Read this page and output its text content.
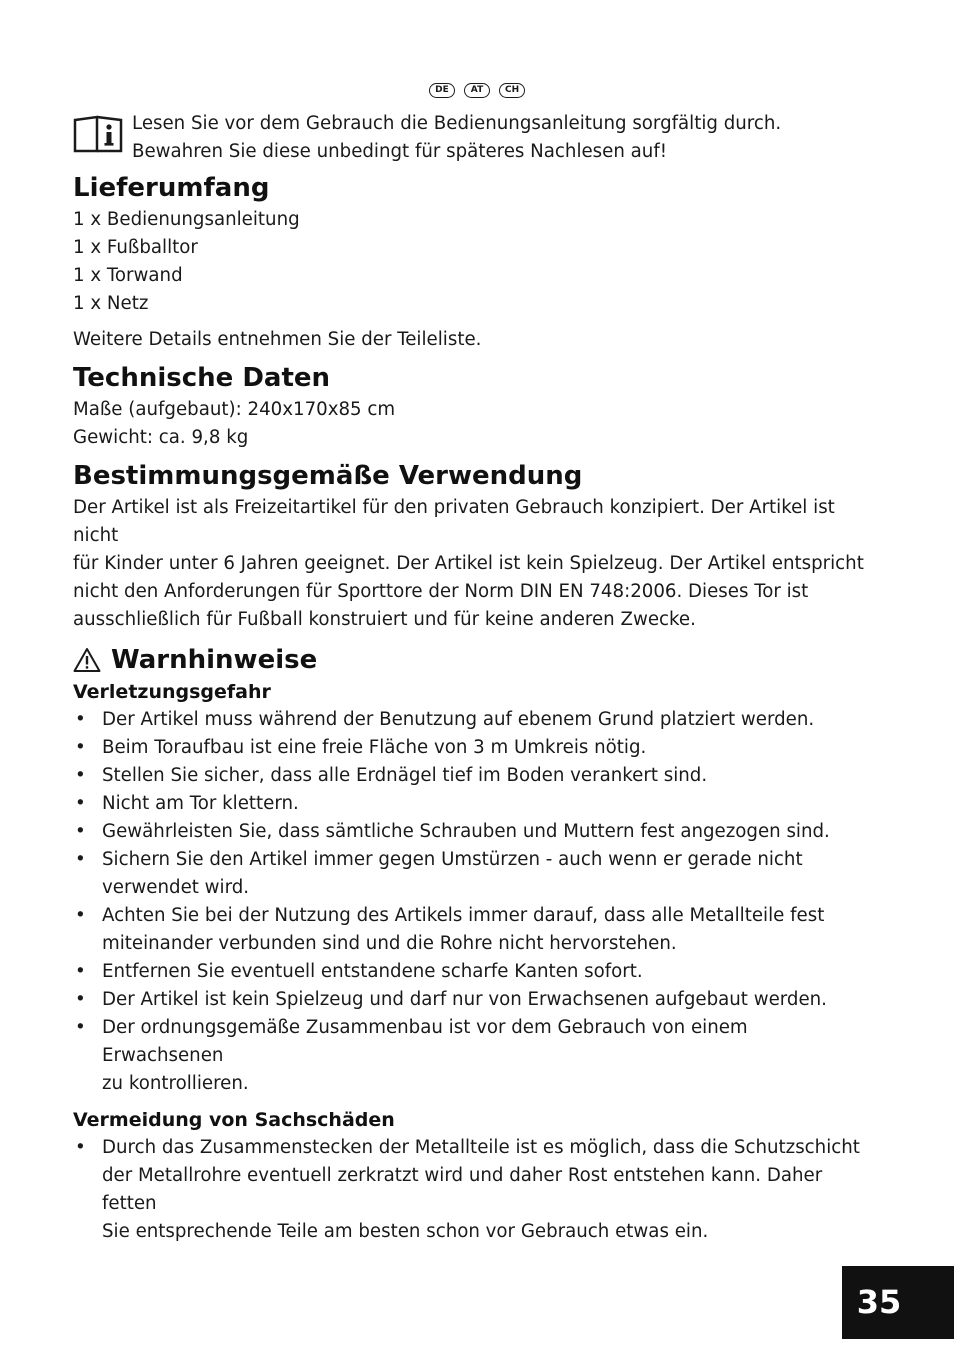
DE AT CH
Lesen Sie vor dem Gebrauch die Bedienungsanleitung sorgfältig durch.
Bewahren Sie diese unbedingt für späteres Nachlesen auf!
Lieferumfang
1 x Bedienungsanleitung
1 x Fußballtor
1 x Torwand
1 x Netz

Weitere Details entnehmen Sie der Teileliste.

Technische Daten
Maße (aufgebaut): 240x170x85 cm
Gewicht: ca. 9,8 kg
Bestimmungsgemäße Verwendung
Der Artikel ist als Freizeitartikel für den privaten Gebrauch konzipiert. Der Artikel ist nicht
für Kinder unter 6 Jahren geeignet. Der Artikel ist kein Spielzeug. Der Artikel entspricht
nicht den Anforderungen für Sporttore der Norm DIN EN 748:2006. Dieses Tor ist
ausschließlich für Fußball konstruiert und für keine anderen Zwecke.
Warnhinweise
Verletzungsgefahr
• Der Artikel muss während der Benutzung auf ebenem Grund platziert werden.
• Beim Toraufbau ist eine freie Fläche von 3 m Umkreis nötig.
• Stellen Sie sicher, dass alle Erdnägel tief im Boden verankert sind.
• Nicht am Tor klettern.
• Gewährleisten Sie, dass sämtliche Schrauben und Muttern fest angezogen sind.
• Sichern Sie den Artikel immer gegen Umstürzen - auch wenn er gerade nicht
verwendet wird.
• Achten Sie bei der Nutzung des Artikels immer darauf, dass alle Metallteile fest
miteinander verbunden sind und die Rohre nicht hervorstehen.
• Entfernen Sie eventuell entstandene scharfe Kanten sofort.
• Der Artikel ist kein Spielzeug und darf nur von Erwachsenen aufgebaut werden.
• Der ordnungsgemäße Zusammenbau ist vor dem Gebrauch von einem Erwachsenen
zu kontrollieren.
Vermeidung von Sachschäden
• Durch das Zusammenstecken der Metallteile ist es möglich, dass die Schutzschicht
der Metallrohre eventuell zerkratzt wird und daher Rost entstehen kann. Daher fetten
Sie entsprechende Teile am besten schon vor Gebrauch etwas ein.
35
